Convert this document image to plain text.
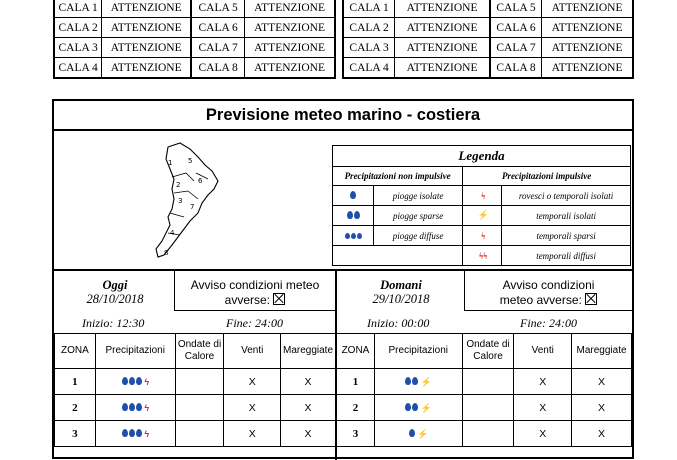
CALA 1	ATTENZIONE	CALA 5	ATTENZIONE
CALA 2	ATTENZIONE	CALA 6	ATTENZIONE
CALA 3	ATTENZIONE	CALA 7	ATTENZIONE
CALA 4	ATTENZIONE	CALA 8	ATTENZIONE
CALA 1	ATTENZIONE	CALA 5	ATTENZIONE
CALA 2	ATTENZIONE	CALA 6	ATTENZIONE
CALA 3	ATTENZIONE	CALA 7	ATTENZIONE
CALA 4	ATTENZIONE	CALA 8	ATTENZIONE
Previsione meteo marino - costiera
1 5
2	6
3
7
4
8
Legenda			
Precipitazioni non impulsive		Precipitazioni impulsive	
	piogge isolate	ϟ	rovesci o temporali isolati
	piogge sparse	⚡	temporali isolati
	piogge diffuse	ϟ	temporali sparsi
		ϟϟ	temporali diffusi
Oggi
28/10/2018
Avviso condizioni meteo
avverse:
Inizio: 12:30	Fine: 24:00
Domani
29/10/2018
Avviso condizioni
meteo avverse:
Inizio: 00:00	Fine: 24:00
ZONA	Precipitazioni	Ondate di Calore	Venti	Mareggiate
1	ϟ		X	X
2	ϟ		X	X
3	ϟ		X	X
ZONA	Precipitazioni	Ondate di Calore	Venti	Mareggiate
1	⚡		X	X
2	⚡		X	X
3	⚡		X	X
